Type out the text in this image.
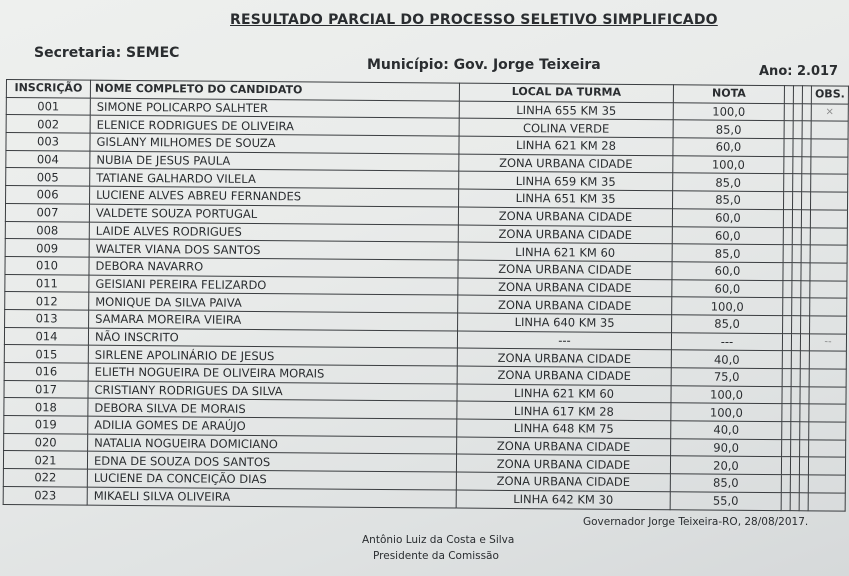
RESULTADO PARCIAL DO PROCESSO SELETIVO SIMPLIFICADO
Secretaria: SEMEC
Município: Gov. Jorge Teixeira	Ano: 2.017
INSCRIÇÃO	NOME COMPLETO DO CANDIDATO	LOCAL DA TURMA	NOTA				OBS.
001	SIMONE POLICARPO SALHTER	LINHA 655 KM 35	100,0				×
002	ELENICE RODRIGUES DE OLIVEIRA	COLINA VERDE	85,0				
003	GISLANY MILHOMES DE SOUZA	LINHA 621 KM 28	60,0				
004	NUBIA DE JESUS PAULA	ZONA URBANA CIDADE	100,0				
005	TATIANE GALHARDO VILELA	LINHA 659 KM 35	85,0				
006	LUCIENE ALVES ABREU FERNANDES	LINHA 651 KM 35	85,0				
007	VALDETE SOUZA PORTUGAL	ZONA URBANA CIDADE	60,0				
008	LAIDE ALVES RODRIGUES	ZONA URBANA CIDADE	60,0				
009	WALTER VIANA DOS SANTOS	LINHA 621 KM 60	85,0				
010	DEBORA NAVARRO	ZONA URBANA CIDADE	60,0				
011	GEISIANI PEREIRA FELIZARDO	ZONA URBANA CIDADE	60,0				
012	MONIQUE DA SILVA PAIVA	ZONA URBANA CIDADE	100,0				
013	SAMARA MOREIRA VIEIRA	LINHA 640 KM 35	85,0				
014	NÃO INSCRITO	---	---				--
015	SIRLENE APOLINÁRIO DE JESUS	ZONA URBANA CIDADE	40,0				
016	ELIETH NOGUEIRA DE OLIVEIRA MORAIS	ZONA URBANA CIDADE	75,0				
017	CRISTIANY RODRIGUES DA SILVA	LINHA 621 KM 60	100,0				
018	DEBORA SILVA DE MORAIS	LINHA 617 KM 28	100,0				
019	ADILIA GOMES DE ARAÚJO	LINHA 648 KM 75	40,0				
020	NATALIA NOGUEIRA DOMICIANO	ZONA URBANA CIDADE	90,0				
021	EDNA DE SOUZA DOS SANTOS	ZONA URBANA CIDADE	20,0				
022	LUCIENE DA CONCEIÇÃO DIAS	ZONA URBANA CIDADE	85,0				
023	MIKAELI SILVA OLIVEIRA	LINHA 642 KM 30	55,0				
Governador Jorge Teixeira-RO, 28/08/2017.
Antônio Luiz da Costa e Silva
Presidente da Comissão
